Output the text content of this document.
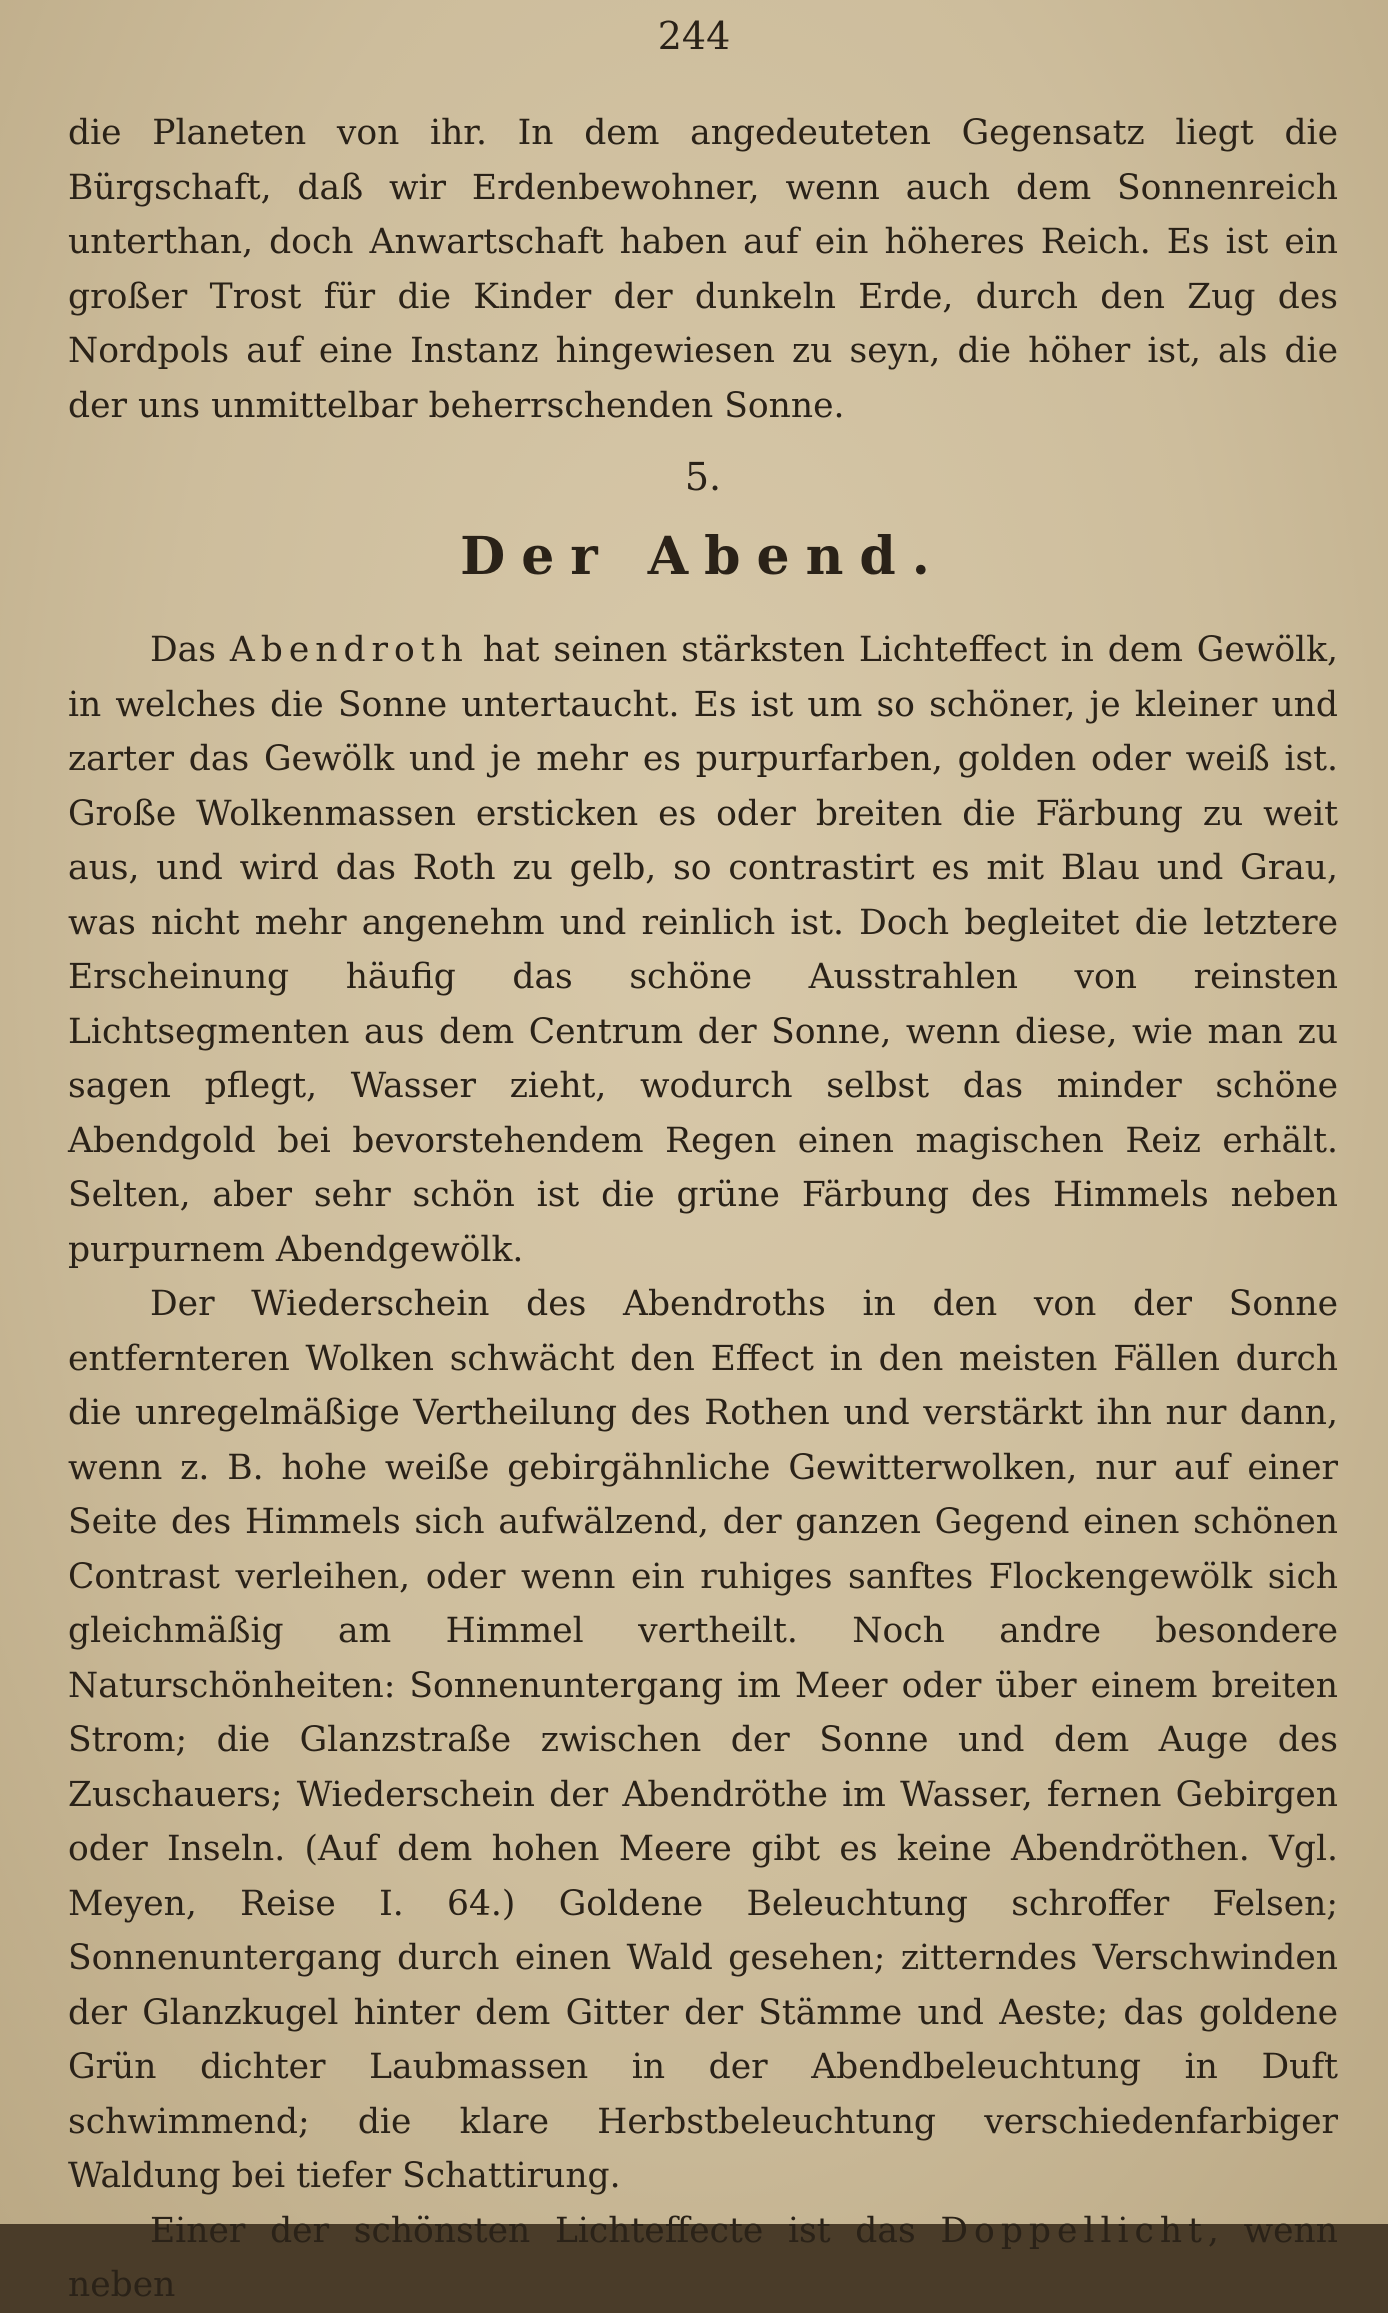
244

die Planeten von ihr. In dem angedeuteten Gegensatz liegt die Bürgschaft, daß wir Erdenbewohner, wenn auch dem Sonnenreich unterthan, doch Anwartschaft haben auf ein höheres Reich. Es ist ein großer Trost für die Kinder der dunkeln Erde, durch den Zug des Nordpols auf eine Instanz hingewiesen zu seyn, die höher ist, als die der uns unmittelbar beherrschenden Sonne.

5.
Der Abend.

Das Abendroth hat seinen stärksten Lichteffect in dem Gewölk, in welches die Sonne untertaucht. Es ist um so schöner, je kleiner und zarter das Gewölk und je mehr es purpurfarben, golden oder weiß ist. Große Wolkenmassen ersticken es oder breiten die Färbung zu weit aus, und wird das Roth zu gelb, so contrastirt es mit Blau und Grau, was nicht mehr angenehm und reinlich ist. Doch begleitet die letztere Erscheinung häufig das schöne Ausstrahlen von reinsten Lichtsegmenten aus dem Centrum der Sonne, wenn diese, wie man zu sagen pflegt, Wasser zieht, wodurch selbst das minder schöne Abendgold bei bevorstehendem Regen einen magischen Reiz erhält. Selten, aber sehr schön ist die grüne Färbung des Himmels neben purpurnem Abendgewölk.

Der Wiederschein des Abendroths in den von der Sonne entfernteren Wolken schwächt den Effect in den meisten Fällen durch die unregelmäßige Vertheilung des Rothen und verstärkt ihn nur dann, wenn z. B. hohe weiße gebirgähnliche Gewitterwolken, nur auf einer Seite des Himmels sich aufwälzend, der ganzen Gegend einen schönen Contrast verleihen, oder wenn ein ruhiges sanftes Flockengewölk sich gleichmäßig am Himmel vertheilt. Noch andre besondere Naturschönheiten: Sonnenuntergang im Meer oder über einem breiten Strom; die Glanzstraße zwischen der Sonne und dem Auge des Zuschauers; Wiederschein der Abendröthe im Wasser, fernen Gebirgen oder Inseln. (Auf dem hohen Meere gibt es keine Abendröthen. Vgl. Meyen, Reise I. 64.) Goldene Beleuchtung schroffer Felsen; Sonnenuntergang durch einen Wald gesehen; zitterndes Verschwinden der Glanzkugel hinter dem Gitter der Stämme und Aeste; das goldene Grün dichter Laubmassen in der Abendbeleuchtung in Duft schwimmend; die klare Herbstbeleuchtung verschiedenfarbiger Waldung bei tiefer Schattirung.

Einer der schönsten Lichteffecte ist das Doppellicht, wenn neben
